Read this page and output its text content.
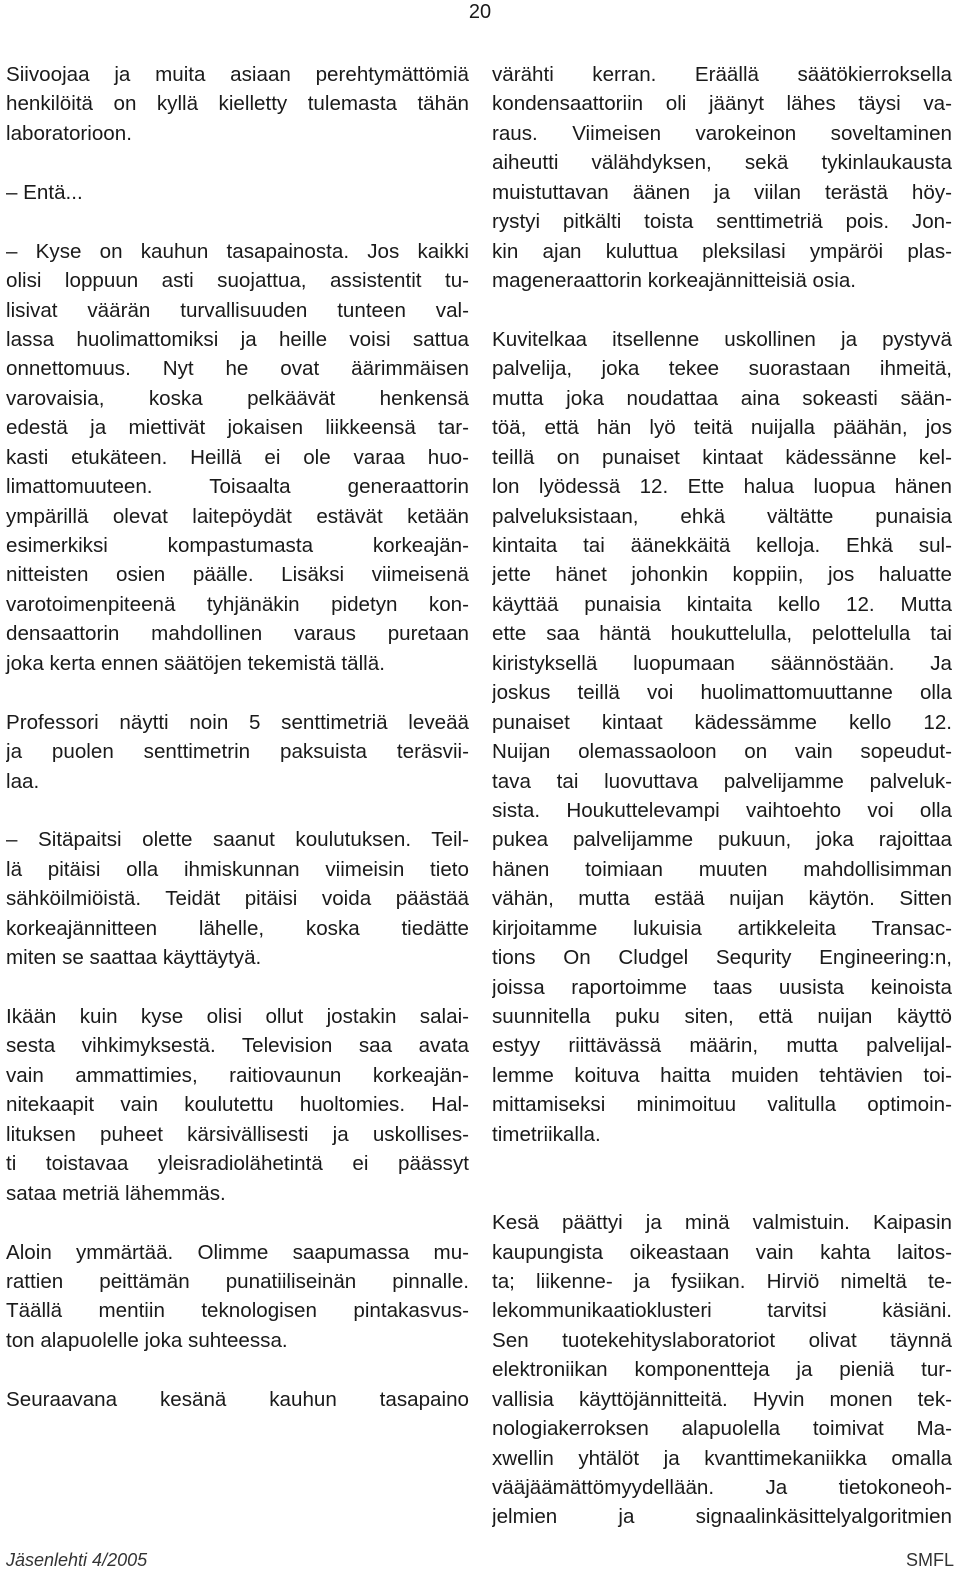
20
Siivoojaa ja muita asiaan perehtymättömiä
henkilöitä on kyllä kielletty tulemasta tähän
laboratorioon.
– Entä...
– Kyse on kauhun tasapainosta. Jos kaikki
olisi loppuun asti suojattua, assistentit tu-
lisivat väärän turvallisuuden tunteen val-
lassa huolimattomiksi ja heille voisi sattua
onnettomuus. Nyt he ovat äärimmäisen
varovaisia, koska pelkäävät henkensä
edestä ja miettivät jokaisen liikkeensä tar-
kasti etukäteen. Heillä ei ole varaa huo-
limattomuuteen. Toisaalta generaattorin
ympärillä olevat laitepöydät estävät ketään
esimerkiksi kompastumasta korkeajän-
nitteisten osien päälle. Lisäksi viimeisenä
varotoimenpiteenä tyhjänäkin pidetyn kon-
densaattorin mahdollinen varaus puretaan
joka kerta ennen säätöjen tekemistä tällä.
Professori näytti noin 5 senttimetriä leveää
ja puolen senttimetrin paksuista teräsvii-
laa.
– Sitäpaitsi olette saanut koulutuksen. Teil-
lä pitäisi olla ihmiskunnan viimeisin tieto
sähköilmiöistä. Teidät pitäisi voida päästää
korkeajännitteen lähelle, koska tiedätte
miten se saattaa käyttäytyä.
Ikään kuin kyse olisi ollut jostakin salai-
sesta vihkimyksestä. Television saa avata
vain ammattimies, raitiovaunun korkeajän-
nitekaapit vain koulutettu huoltomies. Hal-
lituksen puheet kärsivällisesti ja uskollises-
ti toistavaa yleisradiolähetintä ei päässyt
sataa metriä lähemmäs.
Aloin ymmärtää. Olimme saapumassa mu-
rattien peittämän punatiiliseinän pinnalle.
Täällä mentiin teknologisen pintakasvus-
ton alapuolelle joka suhteessa.
Seuraavana kesänä kauhun tasapaino
värähti kerran. Eräällä säätökierroksella
kondensaattoriin oli jäänyt lähes täysi va-
raus. Viimeisen varokeinon soveltaminen
aiheutti välähdyksen, sekä tykinlaukausta
muistuttavan äänen ja viilan terästä höy-
rystyi pitkälti toista senttimetriä pois. Jon-
kin ajan kuluttua pleksilasi ympäröi plas-
mageneraattorin korkeajännitteisiä osia.
Kuvitelkaa itsellenne uskollinen ja pystyvä
palvelija, joka tekee suorastaan ihmeitä,
mutta joka noudattaa aina sokeasti sään-
töä, että hän lyö teitä nuijalla päähän, jos
teillä on punaiset kintaat kädessänne kel-
lon lyödessä 12. Ette halua luopua hänen
palveluksistaan, ehkä vältätte punaisia
kintaita tai äänekkäitä kelloja. Ehkä sul-
jette hänet johonkin koppiin, jos haluatte
käyttää punaisia kintaita kello 12. Mutta
ette saa häntä houkuttelulla, pelottelulla tai
kiristyksellä luopumaan säännöstään. Ja
joskus teillä voi huolimattomuuttanne olla
punaiset kintaat kädessämme kello 12.
Nuijan olemassaoloon on vain sopeudut-
tava tai luovuttava palvelijamme palveluk-
sista. Houkuttelevampi vaihtoehto voi olla
pukea palvelijamme pukuun, joka rajoittaa
hänen toimiaan muuten mahdollisimman
vähän, mutta estää nuijan käytön. Sitten
kirjoitamme lukuisia artikkeleita Transac-
tions On Cludgel Sequrity Engineering:n,
joissa raportoimme taas uusista keinoista
suunnitella puku siten, että nuijan käyttö
estyy riittävässä määrin, mutta palvelijal-
lemme koituva haitta muiden tehtävien toi-
mittamiseksi minimoituu valitulla optimoin-
timetriikalla.
Kesä päättyi ja minä valmistuin. Kaipasin
kaupungista oikeastaan vain kahta laitos-
ta; liikenne- ja fysiikan. Hirviö nimeltä te-
lekommunikaatioklusteri tarvitsi käsiäni.
Sen tuotekehityslaboratoriot olivat täynnä
elektroniikan komponentteja ja pieniä tur-
vallisia käyttöjännitteitä. Hyvin monen tek-
nologiakerroksen alapuolella toimivat Ma-
xwellin yhtälöt ja kvanttimekaniikka omalla
vääjäämättömyydellään. Ja tietokoneoh-
jelmien ja signaalinkäsittelyalgoritmien
Jäsenlehti 4/2005	SMFL
